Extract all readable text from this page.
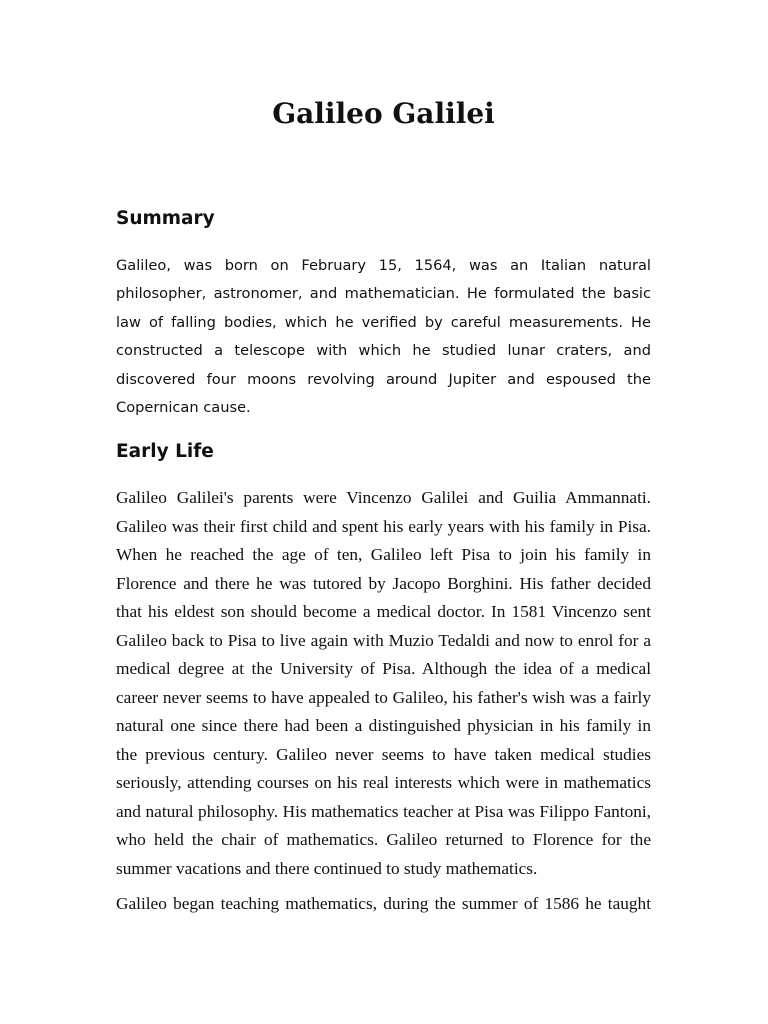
Galileo Galilei
Summary

Galileo, was born on February 15, 1564, was an Italian natural philosopher, astronomer, and mathematician. He formulated the basic law of falling bodies, which he verified by careful measurements. He constructed a telescope with which he studied lunar craters, and discovered four moons revolving around Jupiter and espoused the Copernican cause.

Early Life

Galileo Galilei's parents were Vincenzo Galilei and Guilia Ammannati. Galileo was their first child and spent his early years with his family in Pisa. When he reached the age of ten, Galileo left Pisa to join his family in Florence and there he was tutored by Jacopo Borghini. His father decided that his eldest son should become a medical doctor. In 1581 Vincenzo sent Galileo back to Pisa to live again with Muzio Tedaldi and now to enrol for a medical degree at the University of Pisa. Although the idea of a medical career never seems to have appealed to Galileo, his father's wish was a fairly natural one since there had been a distinguished physician in his family in the previous century. Galileo never seems to have taken medical studies seriously, attending courses on his real interests which were in mathematics and natural philosophy. His mathematics teacher at Pisa was Filippo Fantoni, who held the chair of mathematics. Galileo returned to Florence for the summer vacations and there continued to study mathematics.

Galileo began teaching mathematics, during the summer of 1586 he taught
